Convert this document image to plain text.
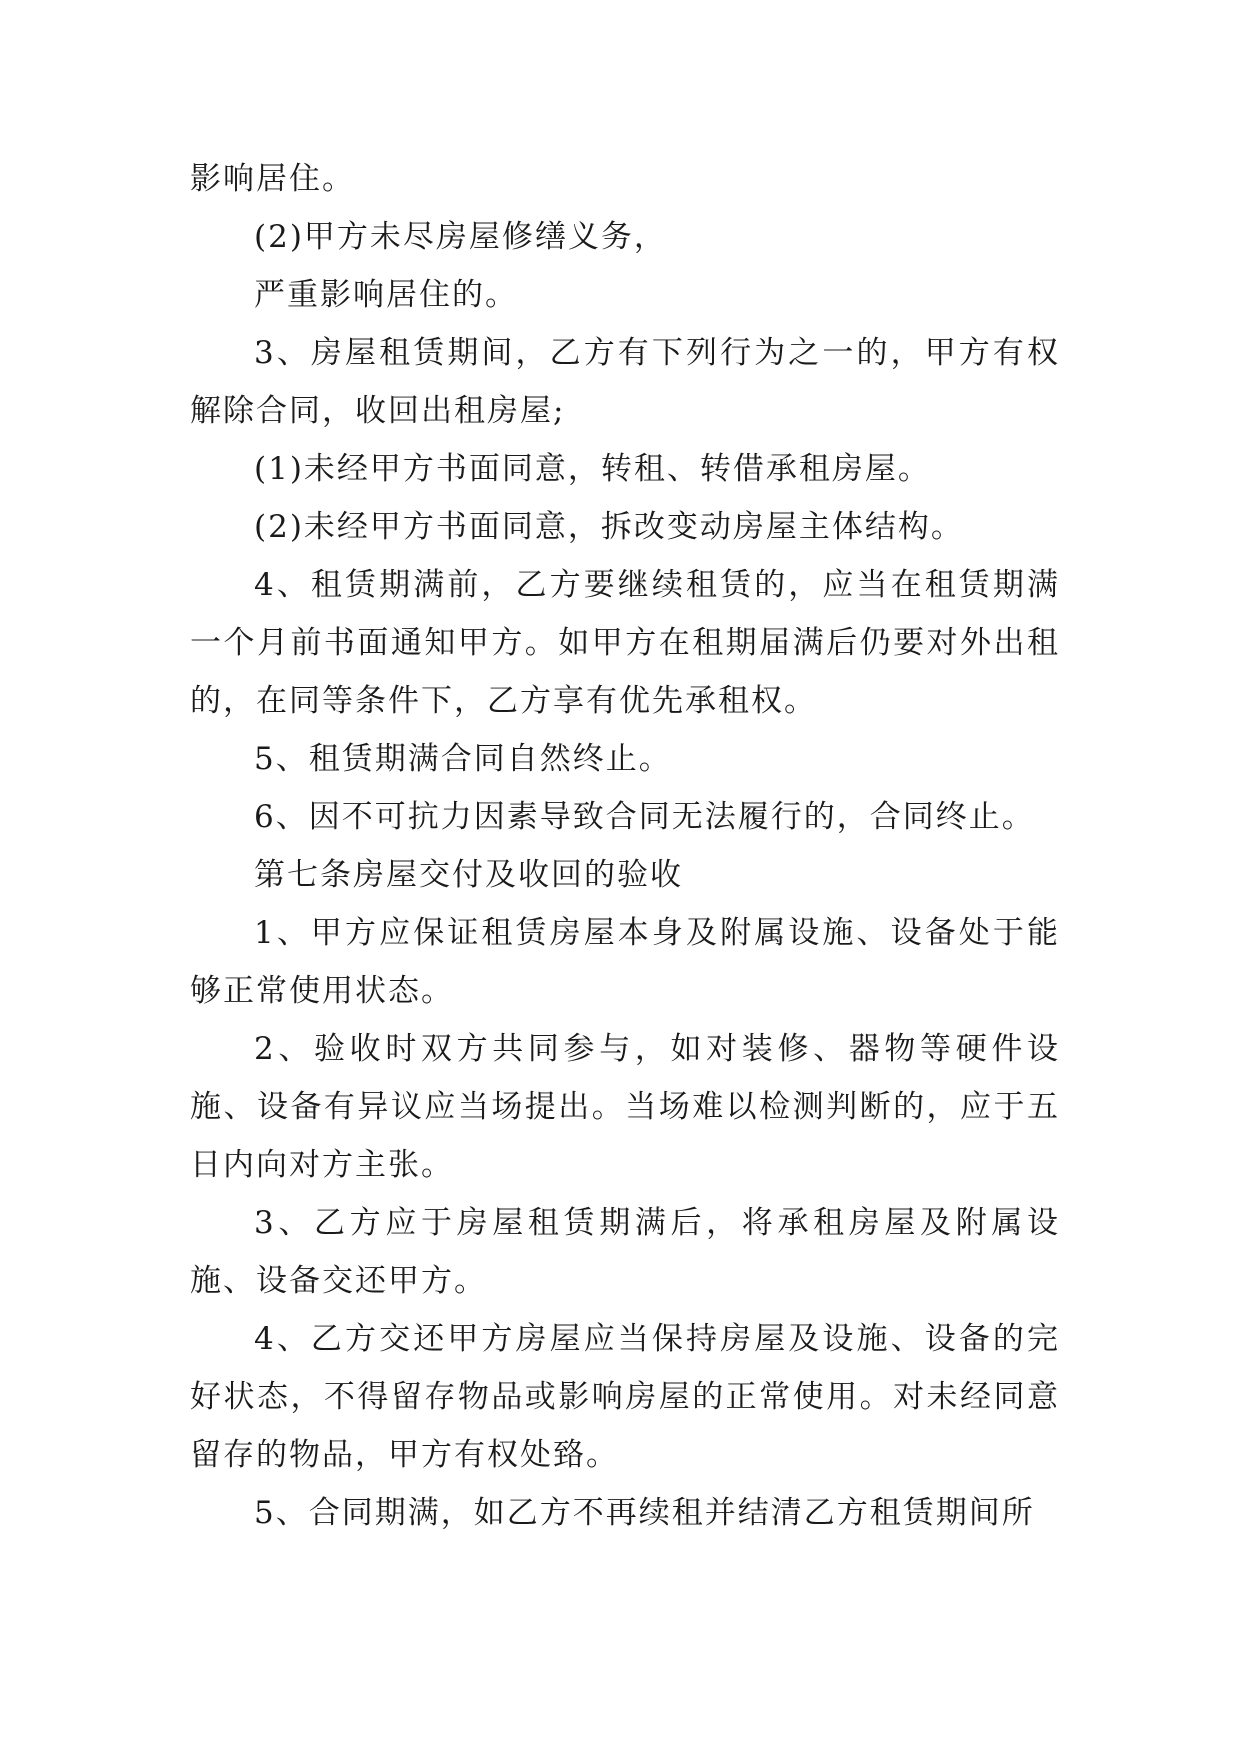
影响居住。

(2)甲方未尽房屋修缮义务，

严重影响居住的。

3、房屋租赁期间，乙方有下列行为之一的，甲方有权解除合同，收回出租房屋;

(1)未经甲方书面同意，转租、转借承租房屋。

(2)未经甲方书面同意，拆改变动房屋主体结构。

4、租赁期满前，乙方要继续租赁的，应当在租赁期满一个月前书面通知甲方。如甲方在租期届满后仍要对外出租的，在同等条件下，乙方享有优先承租权。

5、租赁期满合同自然终止。

6、因不可抗力因素导致合同无法履行的，合同终止。

第七条房屋交付及收回的验收

1、甲方应保证租赁房屋本身及附属设施、设备处于能够正常使用状态。

2、验收时双方共同参与，如对装修、器物等硬件设施、设备有异议应当场提出。当场难以检测判断的，应于五日内向对方主张。

3、乙方应于房屋租赁期满后，将承租房屋及附属设施、设备交还甲方。

4、乙方交还甲方房屋应当保持房屋及设施、设备的完好状态，不得留存物品或影响房屋的正常使用。对未经同意留存的物品，甲方有权处臵。

5、合同期满，如乙方不再续租并结清乙方租赁期间所
